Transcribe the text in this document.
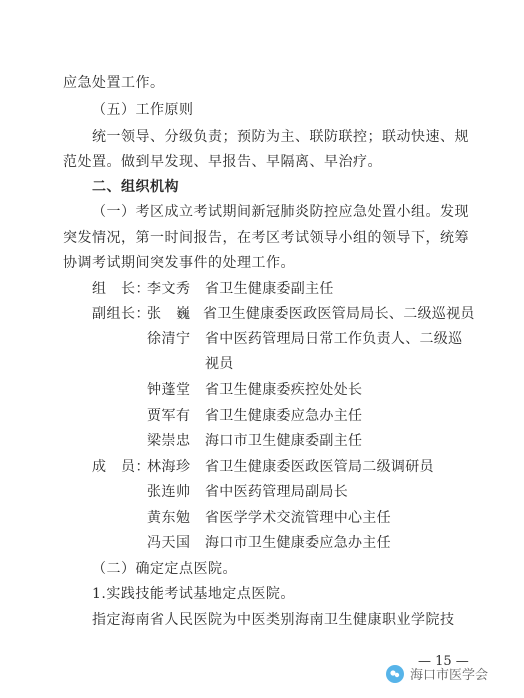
应急处置工作。
（五）工作原则
统一领导、分级负责；预防为主、联防联控；联动快速、规
范处置。做到早发现、早报告、早隔离、早治疗。
二、组织机构
（一）考区成立考试期间新冠肺炎防控应急处置小组。发现
突发情况，第一时间报告，在考区考试领导小组的领导下，统筹
协调考试期间突发事件的处理工作。
组　长：
李文秀 省卫生健康委副主任
副组长：
张　巍 省卫生健康委医政医管局局长、二级巡视员
徐清宁 省中医药管理局日常工作负责人、二级巡
视员
钟蓬堂 省卫生健康委疾控处处长
贾军有 省卫生健康委应急办主任
梁崇忠 海口市卫生健康委副主任
成　员：
林海珍 省卫生健康委医政医管局二级调研员
张连帅 省中医药管理局副局长
黄东勉 省医学学术交流管理中心主任
冯天国 海口市卫生健康委应急办主任
（二）确定定点医院。
1.实践技能考试基地定点医院。
指定海南省人民医院为中医类别海南卫生健康职业学院技
— 15 —
海口市医学会
